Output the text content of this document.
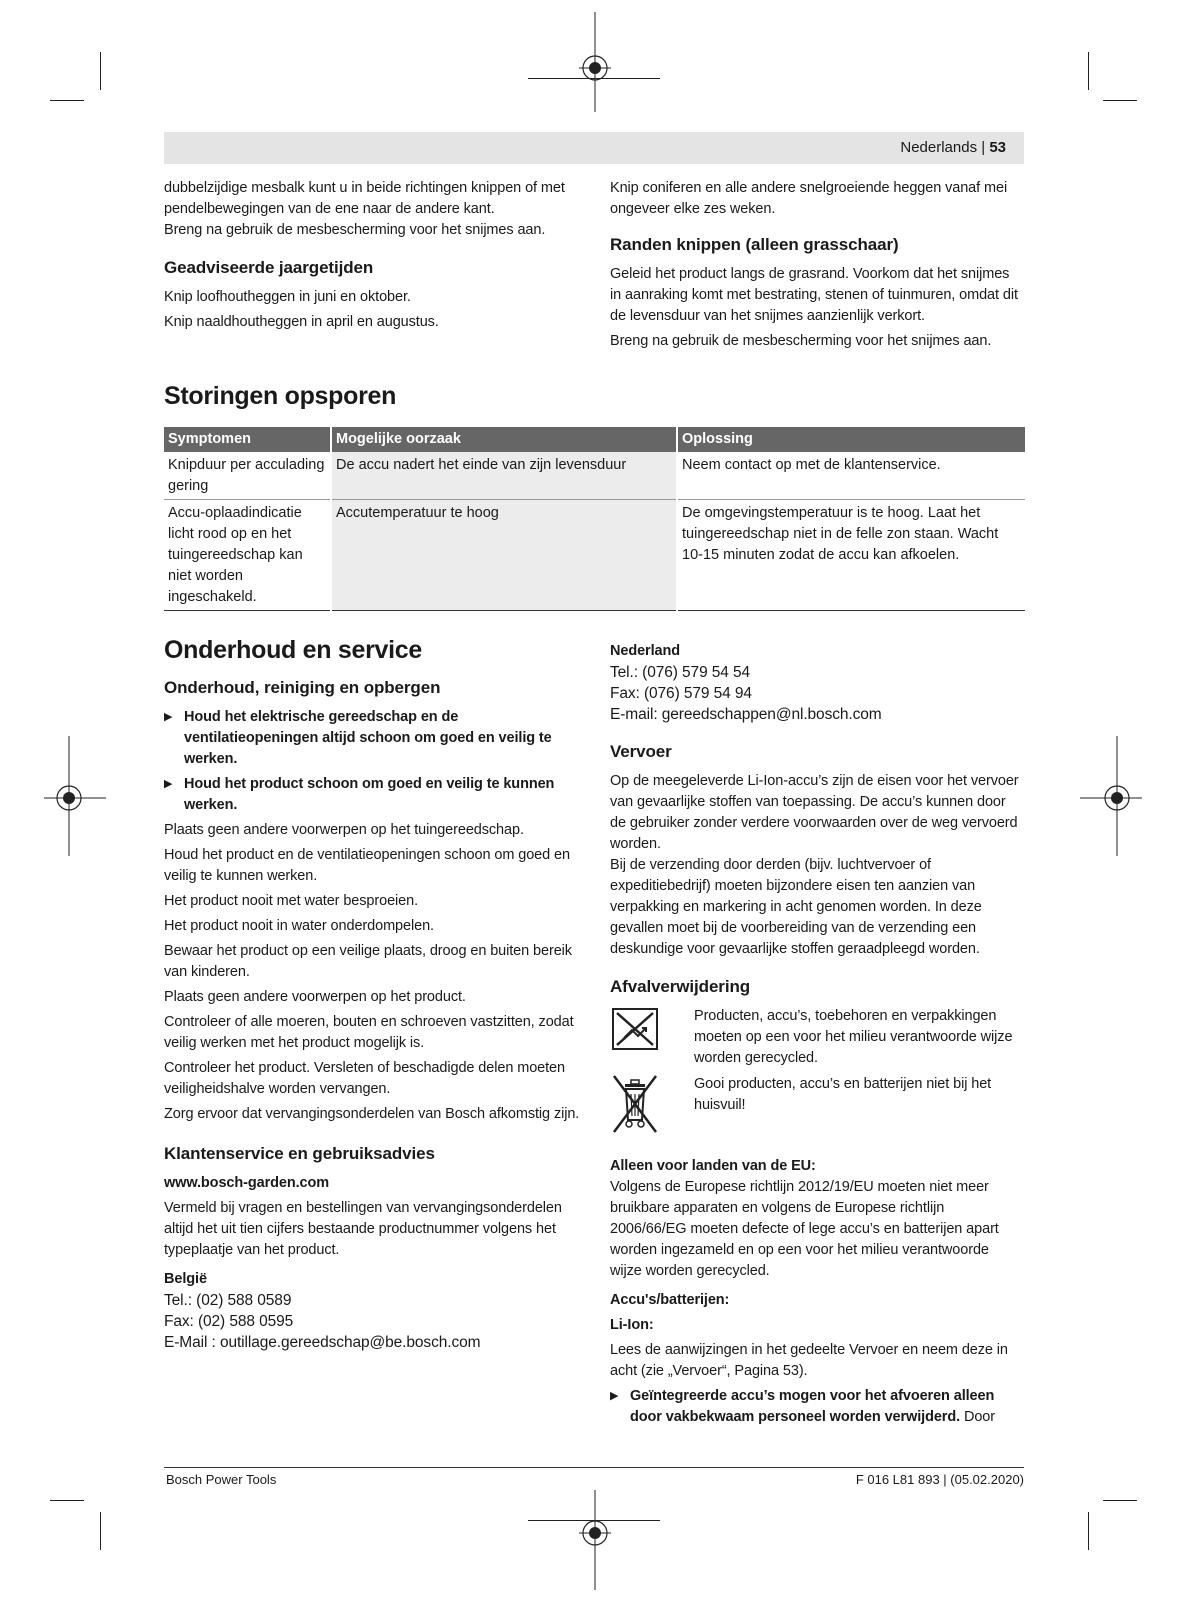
Nederlands | 53

dubbelzijdige mesbalk kunt u in beide richtingen knippen of met pendelbewegingen van de ene naar de andere kant.

Breng na gebruik de mesbescherming voor het snijmes aan.

Geadviseerde jaargetijden

Knip loofhoutheggen in juni en oktober.

Knip naaldhoutheggen in april en augustus.

Knip coniferen en alle andere snelgroeiende heggen vanaf mei ongeveer elke zes weken.

Randen knippen (alleen grasschaar)

Geleid het product langs de grasrand. Voorkom dat het snijmes in aanraking komt met bestrating, stenen of tuinmuren, omdat dit de levensduur van het snijmes aanzienlijk verkort.

Breng na gebruik de mesbescherming voor het snijmes aan.

Storingen opsporen
Symptomen	Mogelijke oorzaak	Oplossing
Knipduur per acculading gering	De accu nadert het einde van zijn levensduur	Neem contact op met de klantenservice.
Accu-oplaadindicatie licht rood op en het tuingereedschap kan niet worden ingeschakeld.	Accutemperatuur te hoog	De omgevingstemperatuur is te hoog. Laat het tuingereedschap niet in de felle zon staan. Wacht 10-15 minuten zodat de accu kan afkoelen.
Onderhoud en service
Onderhoud, reiniging en opbergen
▶ Houd het elektrische gereedschap en de ventilatieopeningen altijd schoon om goed en veilig te werken.
▶ Houd het product schoon om goed en veilig te kunnen werken.

Plaats geen andere voorwerpen op het tuingereedschap.

Houd het product en de ventilatieopeningen schoon om goed en veilig te kunnen werken.

Het product nooit met water besproeien.

Het product nooit in water onderdompelen.

Bewaar het product op een veilige plaats, droog en buiten bereik van kinderen.

Plaats geen andere voorwerpen op het product.

Controleer of alle moeren, bouten en schroeven vastzitten, zodat veilig werken met het product mogelijk is.

Controleer het product. Versleten of beschadigde delen moeten veiligheidshalve worden vervangen.

Zorg ervoor dat vervangingsonderdelen van Bosch afkomstig zijn.

Klantenservice en gebruiksadvies
www.bosch-garden.com

Vermeld bij vragen en bestellingen van vervangingsonderdelen altijd het uit tien cijfers bestaande productnummer volgens het typeplaatje van het product.

België
Tel.: (02) 588 0589
Fax: (02) 588 0595
E-Mail : outillage.gereedschap@be.bosch.com
Nederland
Tel.: (076) 579 54 54
Fax: (076) 579 54 94
E-mail: gereedschappen@nl.bosch.com
Vervoer

Op de meegeleverde Li-Ion-accu’s zijn de eisen voor het vervoer van gevaarlijke stoffen van toepassing. De accu’s kunnen door de gebruiker zonder verdere voorwaarden over de weg vervoerd worden.

Bij de verzending door derden (bijv. luchtvervoer of expeditiebedrijf) moeten bijzondere eisen ten aanzien van verpakking en markering in acht genomen worden. In deze gevallen moet bij de voorbereiding van de verzending een deskundige voor gevaarlijke stoffen geraadpleegd worden.

Afvalverwijdering
Producten, accu’s, toebehoren en verpakkingen moeten op een voor het milieu verantwoorde wijze worden gerecycled.
Gooi producten, accu’s en batterijen niet bij het huisvuil!
Alleen voor landen van de EU:

Volgens de Europese richtlijn 2012/19/EU moeten niet meer bruikbare apparaten en volgens de Europese richtlijn 2006/66/EG moeten defecte of lege accu’s en batterijen apart worden ingezameld en op een voor het milieu verantwoorde wijze worden gerecycled.

Accu's/batterijen:
Li-Ion:

Lees de aanwijzingen in het gedeelte Vervoer en neem deze in acht (zie „Vervoer“, Pagina 53).

▶ Geïntegreerde accu’s mogen voor het afvoeren alleen door vakbekwaam personeel worden verwijderd. Door
Bosch Power Tools	F 016 L81 893 | (05.02.2020)
